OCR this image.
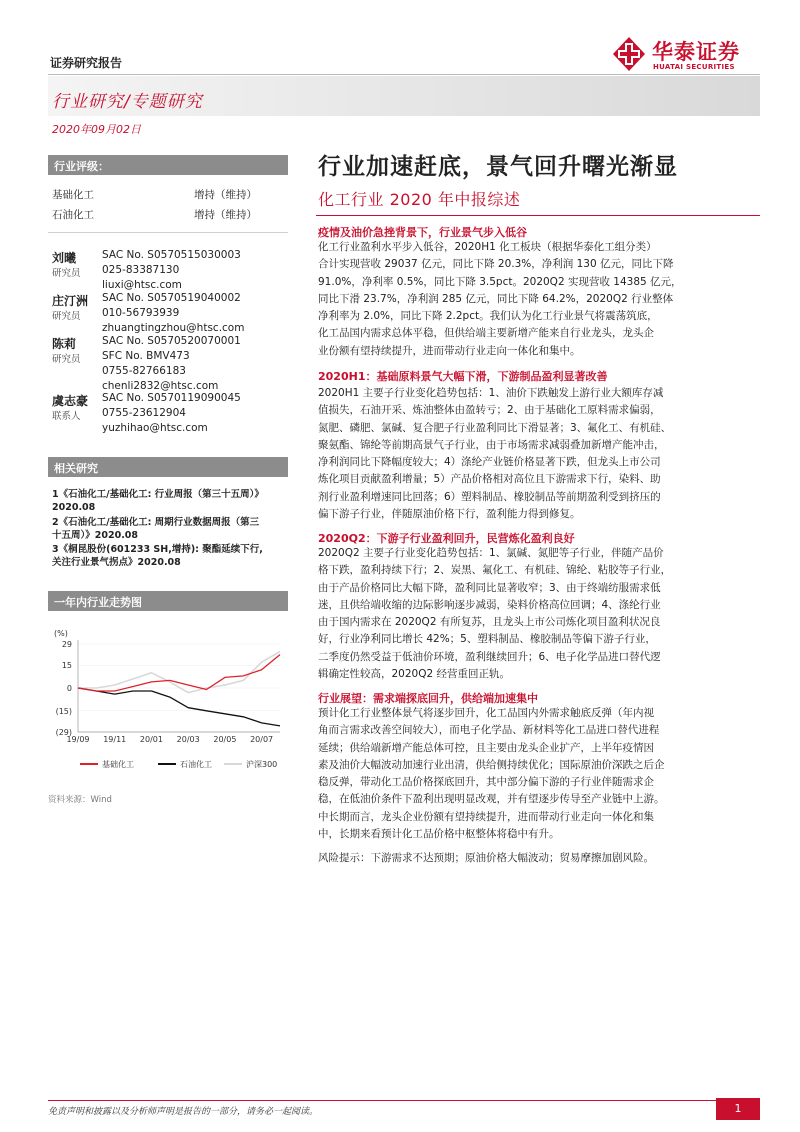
证券研究报告	华泰证券
HUATAI SECURITIES
行业研究/专题研究
2020年09月02日
行业评级：
基础化工	增持（维持）
石油化工	增持（维持）
刘曦
研究员
SAC No. S0570515030003
025-83387130
liuxi@htsc.com
庄汀洲
研究员
SAC No. S0570519040002
010-56793939
zhuangtingzhou@htsc.com
陈莉
研究员
SAC No. S0570520070001
SFC No. BMV473
0755-82766183
chenli2832@htsc.com
虞志豪
联系人
SAC No. S0570119090045
0755-23612904
yuzhihao@htsc.com
相关研究
1《石油化工/基础化工: 行业周报（第三十五周）》
2020.08
2《石油化工/基础化工: 周期行业数据周报（第三
十五周）》2020.08
3《桐昆股份(601233 SH,增持): 聚酯延续下行,
关注行业景气拐点》2020.08
一年内行业走势图
(%)
29
15
0
(15)
(29)
19/09 19/11 20/01 20/03 20/05 20/07
基础化工	石油化工	沪深300
资料来源：Wind
行业加速赶底，景气回升曙光渐显
化工行业 2020 年中报综述
疫情及油价急挫背景下，行业景气步入低谷
化工行业盈利水平步入低谷，2020H1 化工板块（根据华泰化工组分类）
合计实现营收 29037 亿元，同比下降 20.3%，净利润 130 亿元，同比下降
91.0%，净利率 0.5%，同比下降 3.5pct。2020Q2 实现营收 14385 亿元，
同比下滑 23.7%，净利润 285 亿元，同比下降 64.2%，2020Q2 行业整体
净利率为 2.0%，同比下降 2.2pct。我们认为化工行业景气将震荡筑底，
化工品国内需求总体平稳，但供给端主要新增产能来自行业龙头，龙头企
业份额有望持续提升，进而带动行业走向一体化和集中。
2020H1：基础原料景气大幅下滑，下游制品盈利显著改善
2020H1 主要子行业变化趋势包括：1、油价下跌触发上游行业大额库存减
值损失，石油开采、炼油整体由盈转亏；2、由于基础化工原料需求偏弱，
氮肥、磷肥、氯碱、复合肥子行业盈利同比下滑显著；3、氟化工、有机硅、
聚氨酯、锦纶等前期高景气子行业，由于市场需求减弱叠加新增产能冲击，
净利润同比下降幅度较大；4）涤纶产业链价格显著下跌，但龙头上市公司
炼化项目贡献盈利增量；5）产品价格相对高位且下游需求下行，染料、助
剂行业盈利增速同比回落；6）塑料制品、橡胶制品等前期盈利受到挤压的
偏下游子行业，伴随原油价格下行，盈利能力得到修复。
2020Q2：下游子行业盈利回升，民营炼化盈利良好
2020Q2 主要子行业变化趋势包括：1、氯碱、氮肥等子行业，伴随产品价
格下跌，盈利持续下行；2、炭黑、氟化工、有机硅、锦纶、粘胶等子行业，
由于产品价格同比大幅下降，盈利同比显著收窄；3、由于终端纺服需求低
迷，且供给端收缩的边际影响逐步减弱，染料价格高位回调；4、涤纶行业
由于国内需求在 2020Q2 有所复苏，且龙头上市公司炼化项目盈利状况良
好，行业净利同比增长 42%；5、塑料制品、橡胶制品等偏下游子行业，
二季度仍然受益于低油价环境，盈利继续回升；6、电子化学品进口替代逻
辑确定性较高，2020Q2 经营重回正轨。
行业展望：需求端探底回升，供给端加速集中
预计化工行业整体景气将逐步回升，化工品国内外需求触底反弹（年内视
角而言需求改善空间较大），而电子化学品、新材料等化工品进口替代进程
延续；供给端新增产能总体可控，且主要由龙头企业扩产，上半年疫情因
素及油价大幅波动加速行业出清，供给侧持续优化；国际原油价深跌之后企
稳反弹，带动化工品价格探底回升，其中部分偏下游的子行业伴随需求企
稳，在低油价条件下盈利出现明显改观，并有望逐步传导至产业链中上游。
中长期而言，龙头企业份额有望持续提升，进而带动行业走向一体化和集
中，长期来看预计化工品价格中枢整体将稳中有升。
风险提示：下游需求不达预期；原油价格大幅波动；贸易摩擦加剧风险。
免责声明和披露以及分析师声明是报告的一部分，请务必一起阅读。	1
